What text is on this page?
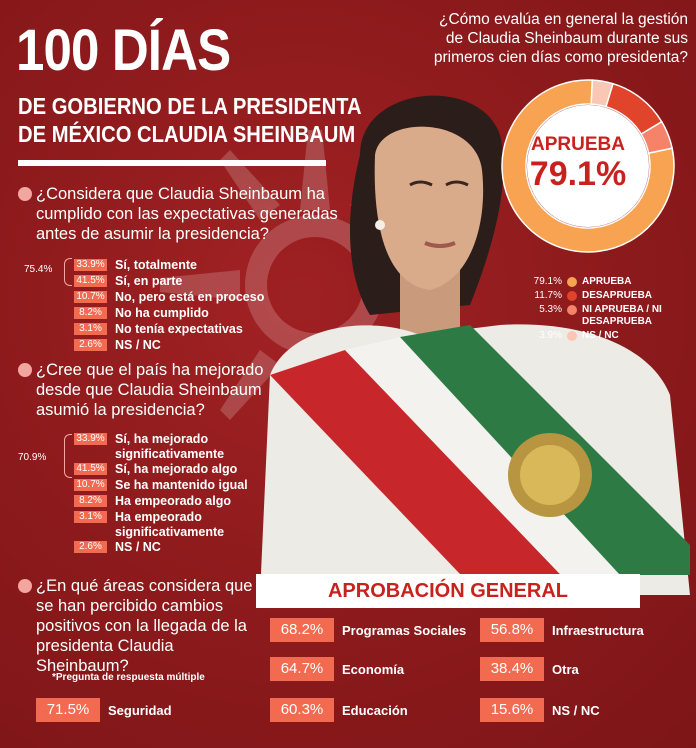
100 DÍAS
DE GOBIERNO DE LA PRESIDENTA
DE MÉXICO CLAUDIA SHEINBAUM
¿Considera que Claudia Sheinbaum ha cumplido con las expectativas generadas antes de asumir la presidencia?
75.4% 33.9% Sí, totalmente
41.5% Sí, en parte
10.7% No, pero está en proceso
8.2%	No ha cumplido
3.1%	No tenía expectativas
2.6%	NS / NC
¿Cree que el país ha mejorado desde que Claudia Sheinbaum asumió la presidencia?
70.9%
33.9% Sí, ha mejorado significativamente
41.5% Sí, ha mejorado algo
10.7% Se ha mantenido igual
8.2%	Ha empeorado algo
3.1%	Ha empeorado significativamente
2.6%	NS / NC
¿Cómo evalúa en general la gestión de Claudia Sheinbaum durante sus primeros cien días como presidenta?
APRUEBA
79.1%
79.1% APRUEBA
11.7% DESAPRUEBA
5.3% NI APRUEBA / NI DESAPRUEBA
3.9% NS / NC
¿En qué áreas considera que se han percibido cambios positivos con la llegada de la presidenta Claudia Sheinbaum?
*Pregunta de respuesta múltiple
APROBACIÓN GENERAL
71.5%	Seguridad
68.2%	Programas Sociales
64.7%	Economía
60.3%	Educación
56.8%	Infraestructura
38.4%	Otra
15.6%	NS / NC
